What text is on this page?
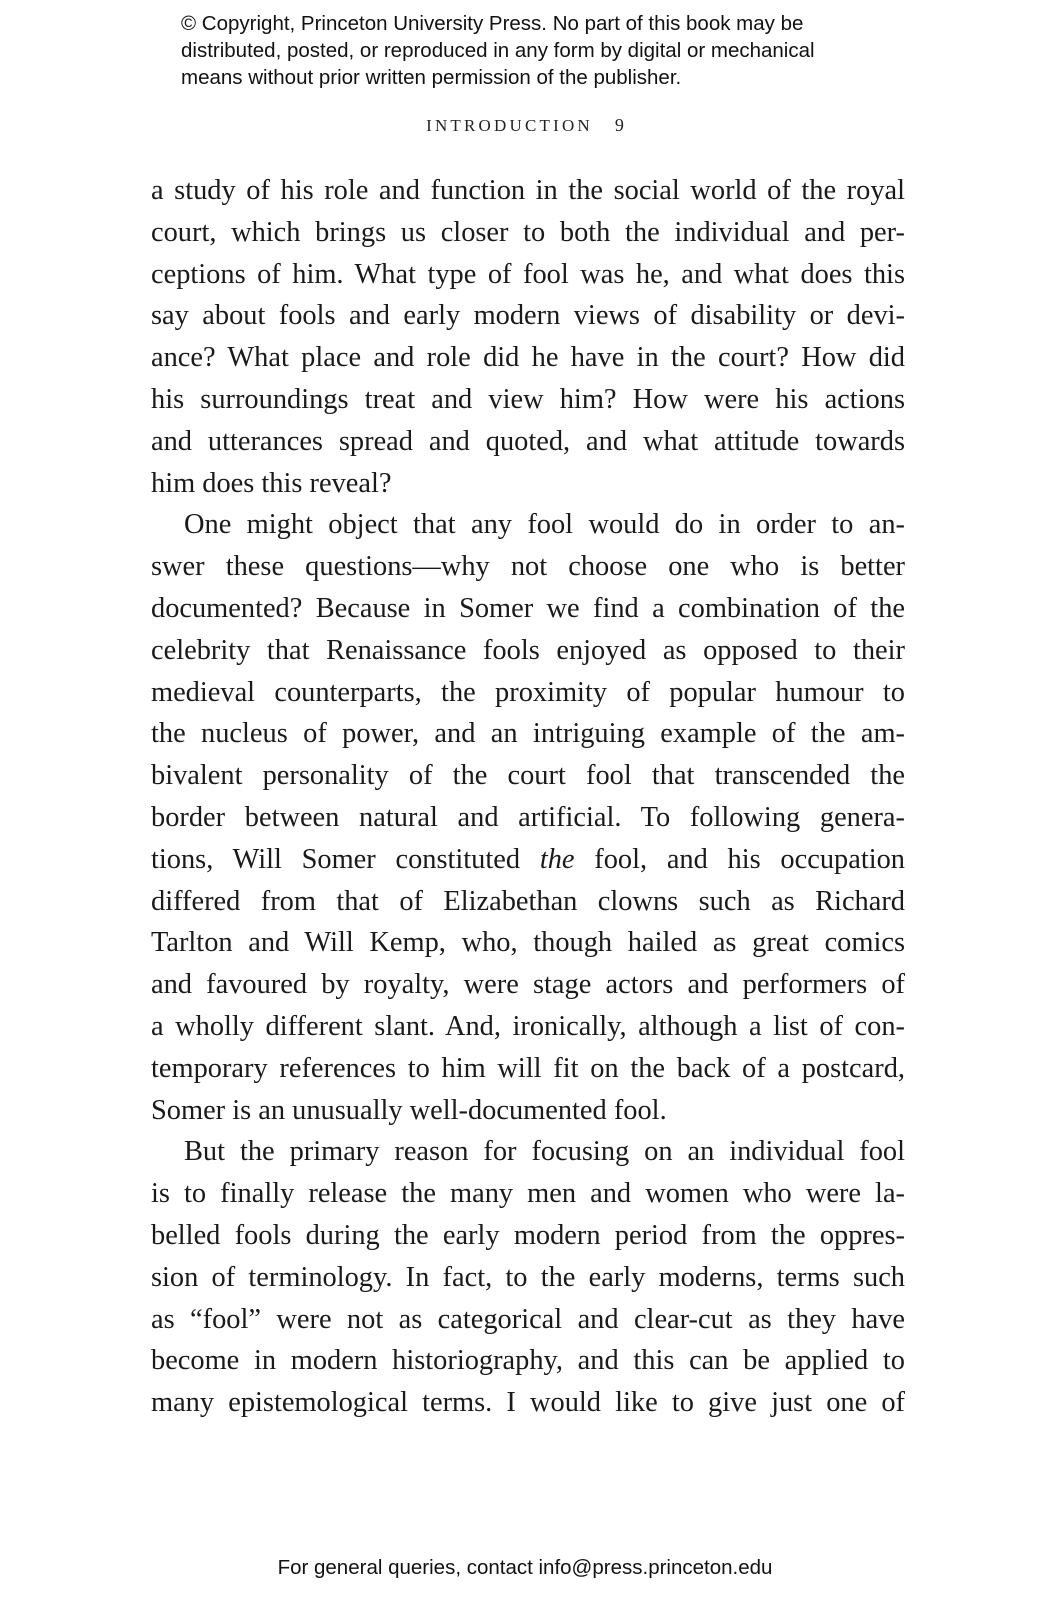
© Copyright, Princeton University Press. No part of this book may be
distributed, posted, or reproduced in any form by digital or mechanical
means without prior written permission of the publisher.
INTRODUCTION 9
a study of his role and function in the social world of the royal
court, which brings us closer to both the individual and per-
ceptions of him. What type of fool was he, and what does this
say about fools and early modern views of disability or devi-
ance? What place and role did he have in the court? How did
his surroundings treat and view him? How were his actions
and utterances spread and quoted, and what attitude towards
him does this reveal?
One might object that any fool would do in order to an-
swer these questions—why not choose one who is better
documented? Because in Somer we find a combination of the
celebrity that Renaissance fools enjoyed as opposed to their
medieval counterparts, the proximity of popular humour to
the nucleus of power, and an intriguing example of the am-
bivalent personality of the court fool that transcended the
border between natural and artificial. To following genera-
tions, Will Somer constituted the fool, and his occupation
differed from that of Elizabethan clowns such as Richard
Tarlton and Will Kemp, who, though hailed as great comics
and favoured by royalty, were stage actors and performers of
a wholly different slant. And, ironically, although a list of con-
temporary references to him will fit on the back of a postcard,
Somer is an unusually well-documented fool.
But the primary reason for focusing on an individual fool
is to finally release the many men and women who were la-
belled fools during the early modern period from the oppres-
sion of terminology. In fact, to the early moderns, terms such
as “fool” were not as categorical and clear-cut as they have
become in modern historiography, and this can be applied to
many epistemological terms. I would like to give just one of
For general queries, contact info@press.princeton.edu
